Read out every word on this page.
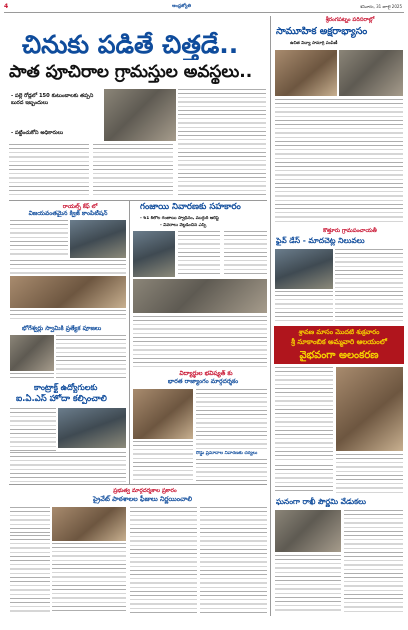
4	ఆంధ్రజ్యోతి	శనివారం, 31 జూలై 2025
చినుకు పడితే చిత్తడే..
పాత పూచిరాల గ్రామస్తుల అవస్థలు..
- పల్లె రోడ్ల‌లో 150 కుటుంబాలకు తప్పని బురద ఇబ్బందులు
- పట్టించుకోని అధికారులు
రాయల్స్ కేఫ్ లో
విజయవంతమైన క్విజ్ కాంపిటీషన్
భోగేశ్వర్లు స్వామికి ప్రత్యేక పూజలు
కాంట్రాక్ట్ ఉద్యోగులకు
ఐ.ఏ.ఎస్ హోదా కల్పించాలి
ప్రభుత్వ మార్గదర్శకాల ప్రకారం
ప్రైవేట్ పాఠశాలల ఫీజులు నిర్ణయించాలి
గంజాయి నివారణకు సహకారం
- 61 కిలోల గంజాయి స్వాధీనం, ముగ్గురి అరెస్ట్
- వివరాలు వెల్లడించిన ఎస్పీ
విద్యార్థుల భవిష్యత్ కు
భారత రాజ్యాంగం మార్గదర్శకం
రోడ్డు ప్రమాదాల నివారణకు చర్యలు
శ్రీరంగపట్నం పరిసరాల్లో
సామూహిక అక్షరాభ్యాసం
ఉచిత విద్యా సామాగ్రి పంపిణీ
కొత్తూరు గ్రామపంచాయతీ
ఫైవ్ డేస్ - మాదచెట్ల నిలువలు
శ్రావణ మాసం మొదటి శుక్రవారం
శ్రీ నూకాంబిక అమ్మవారి ఆలయంలో
వైభవంగా అలంకరణ
ఘనంగా రాఖీ పౌర్ణమి వేడుకలు
